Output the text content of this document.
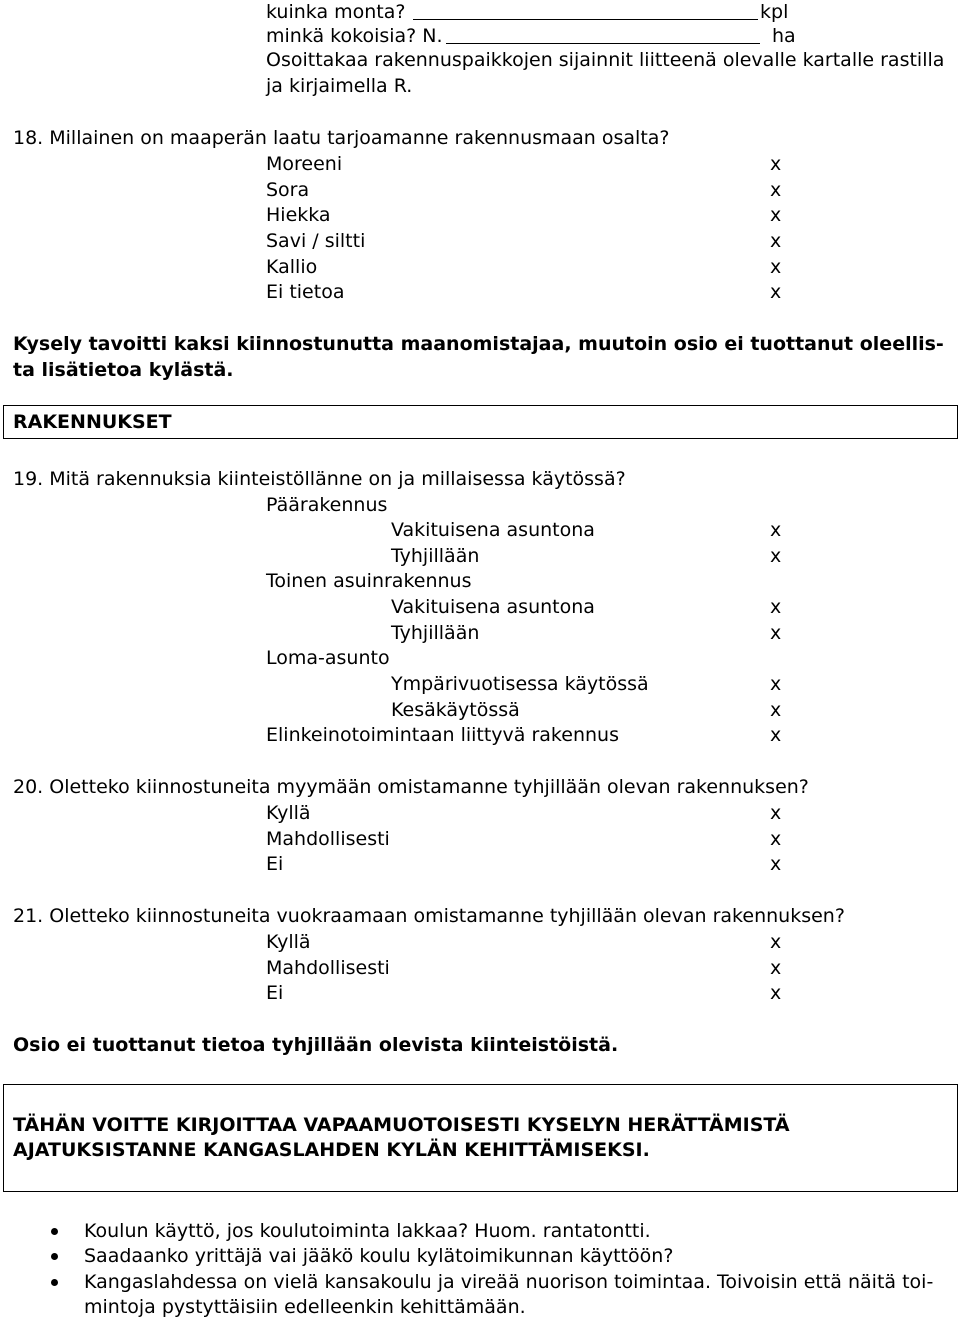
kuinka monta?	kpl
minkä kokoisia? N.	ha
Osoittakaa rakennuspaikkojen sijainnit liitteenä olevalle kartalle rastilla
ja kirjaimella R.
18. Millainen on maaperän laatu tarjoamanne rakennusmaan osalta?
Moreeni	x
Sora	x
Hiekka	x
Savi / siltti	x
Kallio	x
Ei tietoa	x
Kysely tavoitti kaksi kiinnostunutta maanomistajaa, muutoin osio ei tuottanut oleellis-
ta lisätietoa kylästä.
RAKENNUKSET
19. Mitä rakennuksia kiinteistöllänne on ja millaisessa käytössä?
Päärakennus
Vakituisena asuntona	x
Tyhjillään	x
Toinen asuinrakennus
Vakituisena asuntona	x
Tyhjillään	x
Loma-asunto
Ympärivuotisessa käytössä	x
Kesäkäytössä	x
Elinkeinotoimintaan liittyvä rakennus	x
20. Oletteko kiinnostuneita myymään omistamanne tyhjillään olevan rakennuksen?
Kyllä	x
Mahdollisesti	x
Ei	x
21. Oletteko kiinnostuneita vuokraamaan omistamanne tyhjillään olevan rakennuksen?
Kyllä	x
Mahdollisesti	x
Ei	x
Osio ei tuottanut tietoa tyhjillään olevista kiinteistöistä.
TÄHÄN VOITTE KIRJOITTAA VAPAAMUOTOISESTI KYSELYN HERÄTTÄMISTÄ
AJATUKSISTANNE KANGASLAHDEN KYLÄN KEHITTÄMISEKSI.
Koulun käyttö, jos koulutoiminta lakkaa? Huom. rantatontti.
Saadaanko yrittäjä vai jääkö koulu kylätoimikunnan käyttöön?
Kangaslahdessa on vielä kansakoulu ja vireää nuorison toimintaa. Toivoisin että näitä toi-
mintoja pystyttäisiin edelleenkin kehittämään.
